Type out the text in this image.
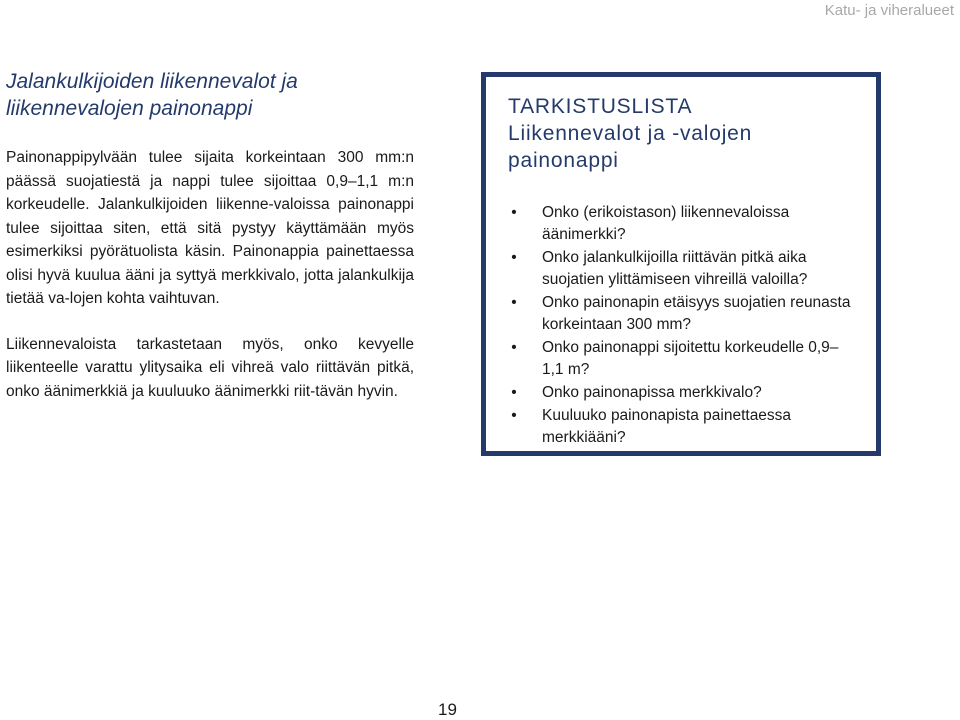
Katu- ja viheralueet
Jalankulkijoiden liikennevalot ja liikennevalojen painonappi

Painonappipylvään tulee sijaita korkeintaan 300 mm:n päässä suojatiestä ja nappi tulee sijoittaa 0,9–1,1 m:n korkeudelle. Jalankulkijoiden liikenne-valoissa painonappi tulee sijoittaa siten, että sitä pystyy käyttämään myös esimerkiksi pyörätuolista käsin. Painonappia painettaessa olisi hyvä kuulua ääni ja syttyä merkkivalo, jotta jalankulkija tietää va-lojen kohta vaihtuvan.

Liikennevaloista tarkastetaan myös, onko kevyelle liikenteelle varattu ylitysaika eli vihreä valo riittävän pitkä, onko äänimerkkiä ja kuuluuko äänimerkki riit-tävän hyvin.

TARKISTUSLISTA
Liikennevalot ja -valojen painonappi
• Onko (erikoistason) liikennevaloissa äänimerkki?
• Onko jalankulkijoilla riittävän pitkä aika suojatien ylittämiseen vihreillä valoilla?
• Onko painonapin etäisyys suojatien reunasta korkeintaan 300 mm?
• Onko painonappi sijoitettu korkeudelle 0,9–1,1 m?
• Onko painonapissa merkkivalo?
• Kuuluuko painonapista painettaessa merkkiääni?
19
